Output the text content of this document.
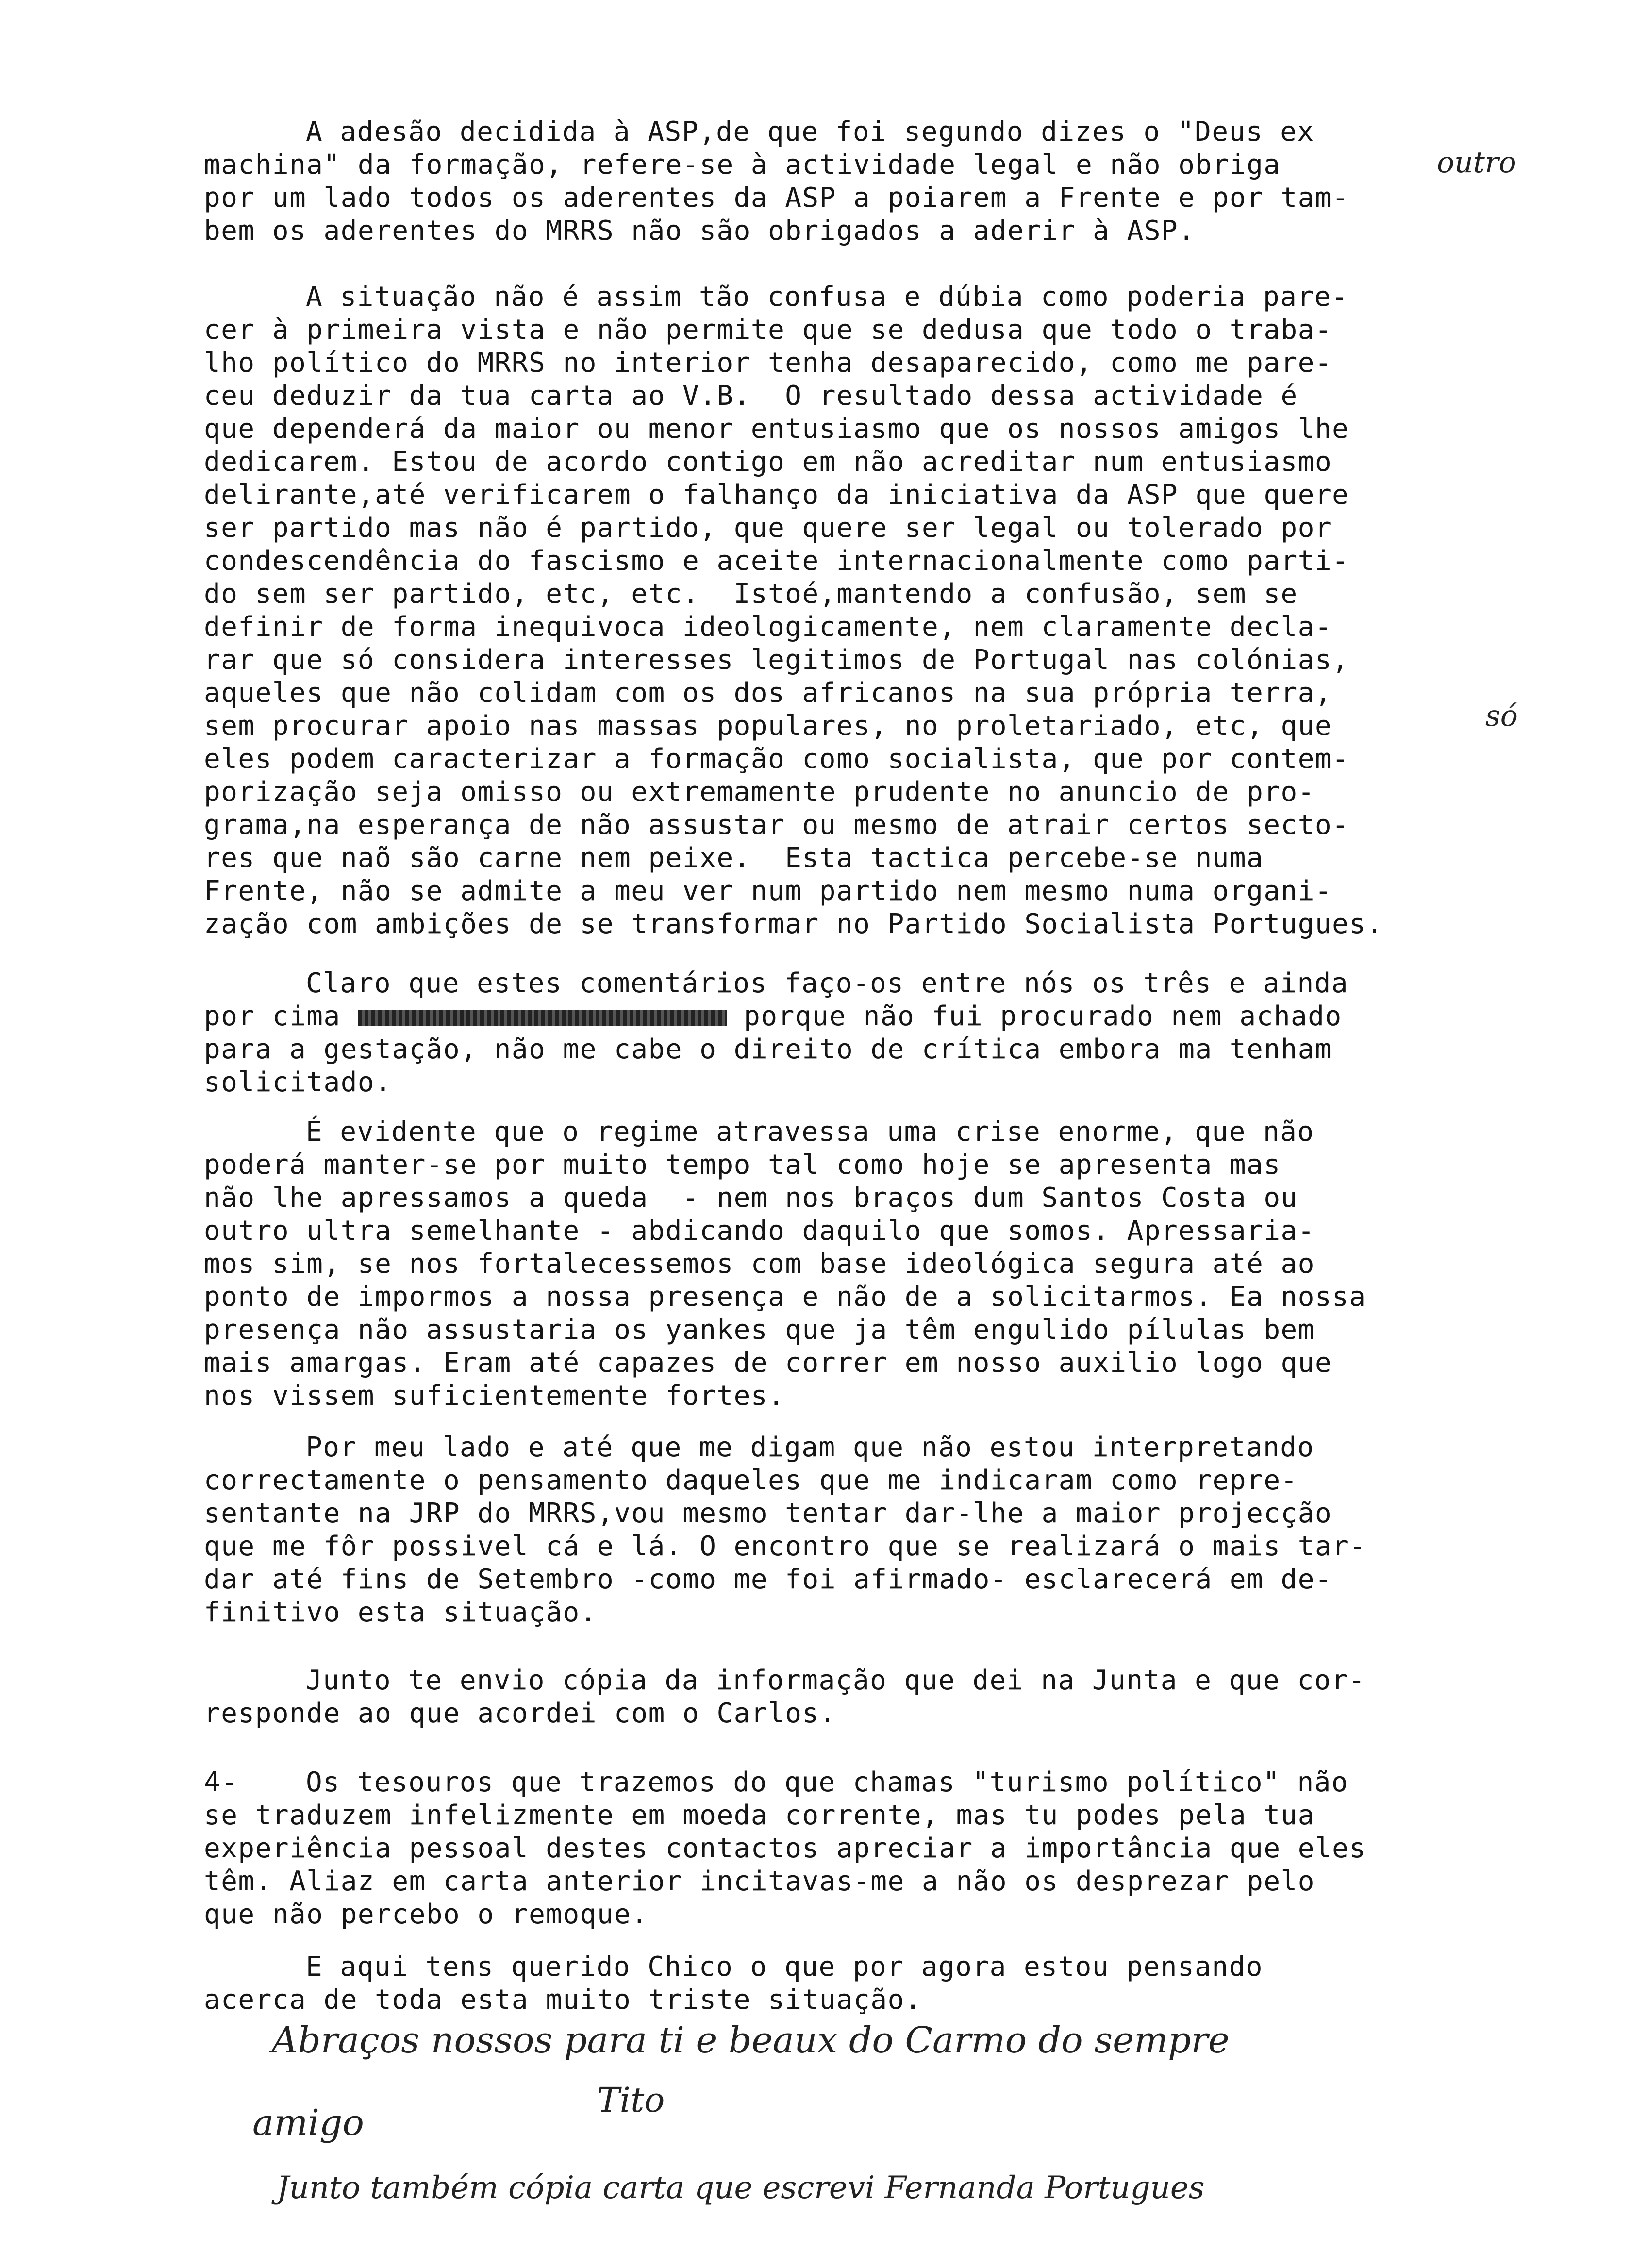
A adesão decidida à ASP,de que foi segundo dizes o "Deus ex
machina" da formação, refere-se à actividade legal e não obriga
por um lado todos os aderentes da ASP a poiarem a Frente e por tam-
bem os aderentes do MRRS não são obrigados a aderir à ASP.
outro
A situação não é assim tão confusa e dúbia como poderia pare-
cer à primeira vista e não permite que se dedusa que todo o traba-
lho político do MRRS no interior tenha desaparecido, como me pare-
ceu deduzir da tua carta ao V.B.  O resultado dessa actividade é
que dependerá da maior ou menor entusiasmo que os nossos amigos lhe
dedicarem. Estou de acordo contigo em não acreditar num entusiasmo
delirante,até verificarem o falhanço da iniciativa da ASP que quere
ser partido mas não é partido, que quere ser legal ou tolerado por
condescendência do fascismo e aceite internacionalmente como parti-
do sem ser partido, etc, etc.  Istoé,mantendo a confusão, sem se
definir de forma inequivoca ideologicamente, nem claramente decla-
rar que só considera interesses legitimos de Portugal nas colónias,
aqueles que não colidam com os dos africanos na sua própria terra,
sem procurar apoio nas massas populares, no proletariado, etc, que
eles podem caracterizar a formação como socialista, que por contem-
porização seja omisso ou extremamente prudente no anuncio de pro-
grama,na esperança de não assustar ou mesmo de atrair certos secto-
res que naõ são carne nem peixe.  Esta tactica percebe-se numa
Frente, não se admite a meu ver num partido nem mesmo numa organi-
zação com ambições de se transformar no Partido Socialista Portugues.
só
Claro que estes comentários faço-os entre nós os três e ainda
por cima	porque não fui procurado nem achado
para a gestação, não me cabe o direito de crítica embora ma tenham
solicitado.
É evidente que o regime atravessa uma crise enorme, que não
poderá manter-se por muito tempo tal como hoje se apresenta mas
não lhe apressamos a queda  - nem nos braços dum Santos Costa ou
outro ultra semelhante - abdicando daquilo que somos. Apressaria-
mos sim, se nos fortalecessemos com base ideológica segura até ao
ponto de impormos a nossa presença e não de a solicitarmos. Ea nossa
presença não assustaria os yankes que ja têm engulido pílulas bem
mais amargas. Eram até capazes de correr em nosso auxilio logo que
nos vissem suficientemente fortes.
Por meu lado e até que me digam que não estou interpretando
correctamente o pensamento daqueles que me indicaram como repre-
sentante na JRP do MRRS,vou mesmo tentar dar-lhe a maior projecção
que me fôr possivel cá e lá. O encontro que se realizará o mais tar-
dar até fins de Setembro -como me foi afirmado- esclarecerá em de-
finitivo esta situação.
Junto te envio cópia da informação que dei na Junta e que cor-
responde ao que acordei com o Carlos.
4- Os tesouros que trazemos do que chamas "turismo político" não
se traduzem infelizmente em moeda corrente, mas tu podes pela tua
experiência pessoal destes contactos apreciar a importância que eles
têm. Aliaz em carta anterior incitavas-me a não os desprezar pelo
que não percebo o remoque.
E aqui tens querido Chico o que por agora estou pensando
acerca de toda esta muito triste situação.
Abraços nossos para ti e beaux do Carmo do sempre
amigo
Tito
Junto também cópia carta que escrevi Fernanda Portugues
